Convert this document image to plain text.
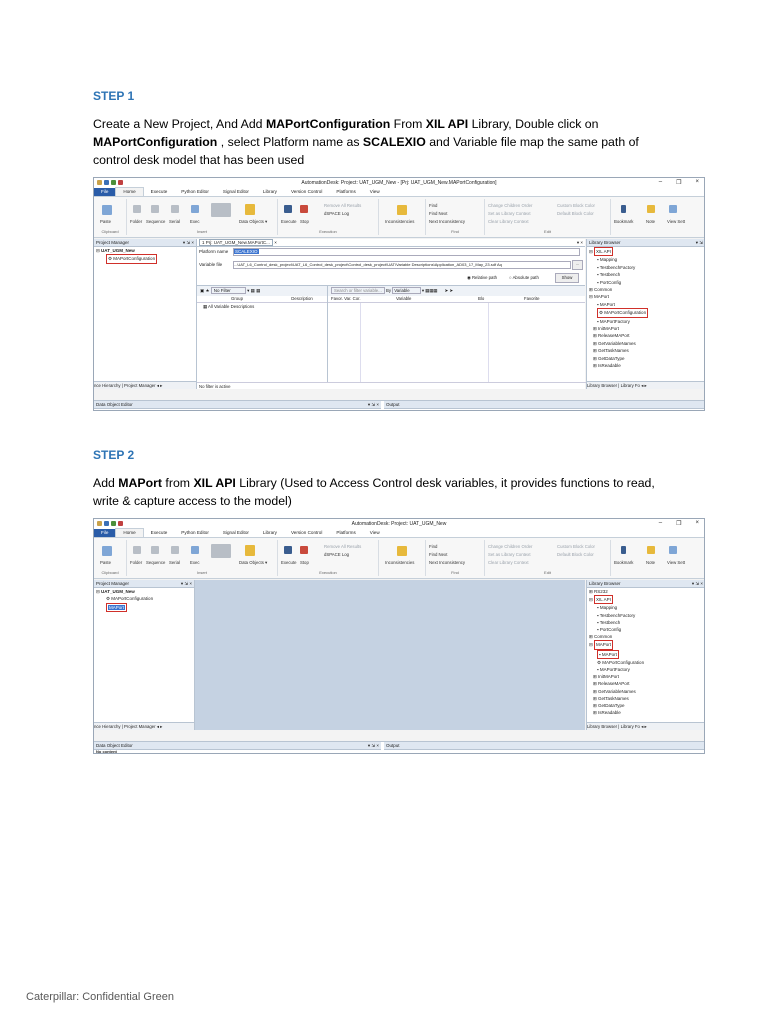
STEP 1
Create a New Project, And Add MAPortConfiguration From XIL API Library, Double click on
MAPortConfiguration , select Platform name as SCALEXIO and Variable file map the same path of control desk model that has been used
AutomationDesk: Project: UAT_UGM_New - [Prj: UAT_UGM_New.MAPortConfiguration]	– ❐ ×
File	Home	Execute	Python Editor	Signal Editor	Library	Version Control	Platforms	View
Paste
Clipboard
Folder Sequence Serial Exec	Data Objects ▾
Insert
Execute Stop
Remove All Results
dSPACE Log
Execution
Inconsistencies
Find
Find Next
Next Inconsistency
Find
Change Children Order
Set as Library Context
Clear Library Context
Custom Block Color
Default Block Color
Edit
Bookmark	Note	View Sett
Project Manager	▾ ⇲ ×
⊟ UAT_UGM_New
⚙ MAPortConfiguration
nce Hierarchy | Project Manager ◂ ▸
1 Prj: UAT_UGM_New.MAPortC... ×	▾ ×
Platform name	SCALEXIO
Variable file	...UAT_L6_Control_desk_project\UAT_L6_Control_desk_project\Control_desk_project\UAT\Variable Descriptions\Application_AD03_17_May_23.sdf Aq	...
◉ Relative path	○ Absolute path	Show
▣ ★ No Filter	▾ ▦ ▦
Group	Description
▦ All Variable Descriptions
Search or filter variable... By Variable	▾ ▦▦▦      ➤ ➤
Favor. Var. Cor.	Variable	Blo	Favorite
No filter is active
Library Browser	▾ ⇲
⊟ XIL API
▪ Mapping
▪ TestbenchFactory
▪ Testbench
▪ PortConfig
⊞ Common
⊟ MAPort
▪ MAPort
⚙ MAPortConfiguration
▪ MAPortFactory
⊞ InitMAPort
⊞ ReleaseMAPort
⊞ GetVariableNames
⊞ GetTaskNames
⊞ GetDataType
⊞ IsReadable
Library Browser | Library Fo ◂ ▸
Data Object Editor	▾ ⇲ ×	Output
STEP 2
Add MAPort from XIL API Library (Used to Access Control desk variables, it provides functions to read, write & capture access to the model)
AutomationDesk: Project: UAT_UGM_New	– ❐ ×
File	Home	Execute	Python Editor	Signal Editor	Library	Version Control	Platforms	View
Paste
Clipboard
Folder Sequence Serial Exec	Data Objects ▾
Insert
Execute Stop
Remove All Results
dSPACE Log
Execution
Inconsistencies
Find
Find Next
Next Inconsistency
Find
Change Children Order
Set as Library Context
Clear Library Context
Custom Block Color
Default Block Color
Edit
Bookmark	Note	View Sett
Project Manager	▾ ⇲ ×
⊟ UAT_UGM_New
⚙ MAPortConfiguration
MAPort
nce Hierarchy | Project Manager ◂ ▸
Library Browser	▾ ⇲ ×
⊞ RS232
⊟ XIL API
▪ Mapping
▪ TestbenchFactory
▪ Testbench
▪ PortConfig
⊞ Common
⊟ MAPort
▪ MAPort
⚙ MAPortConfiguration
▪ MAPortFactory
⊞ InitMAPort
⊞ ReleaseMAPort
⊞ GetVariableNames
⊞ GetTaskNames
⊞ GetDataType
⊞ IsReadable
Library Browser | Library Fo ◂ ▸
Data Object Editor	▾ ⇲ ×
No content
Output
Caterpillar: Confidential Green
